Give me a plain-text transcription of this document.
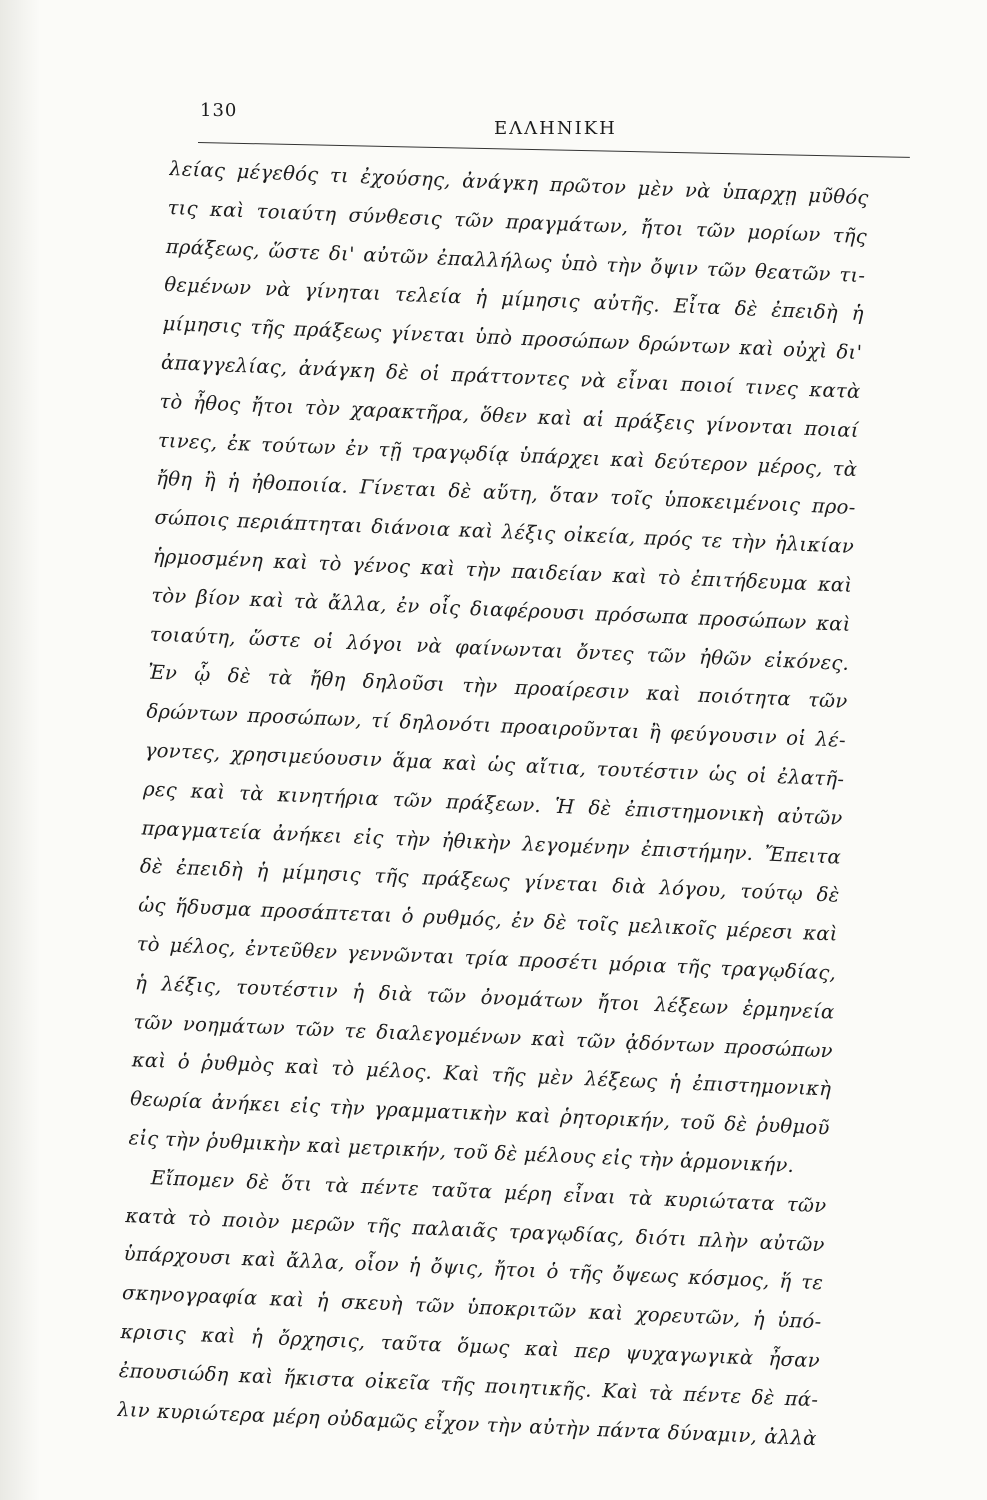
130
ΕΛΛΗΝΙΚΗ
λείας μέγεθός τι ἐχούσης, ἀνάγκη πρῶτον μὲν νὰ ὑπαρχῃ μῦθός
τις καὶ τοιαύτη σύνθεσις τῶν πραγμάτων, ἤτοι τῶν μορίων τῆς
πράξεως, ὥστε δι' αὐτῶν ἐπαλλήλως ὑπὸ τὴν ὄψιν τῶν θεατῶν τι-
θεμένων νὰ γίνηται τελεία ἡ μίμησις αὐτῆς. Εἶτα δὲ ἐπειδὴ ἡ
μίμησις τῆς πράξεως γίνεται ὑπὸ προσώπων δρώντων καὶ οὐχὶ δι'
ἀπαγγελίας, ἀνάγκη δὲ οἱ πράττοντες νὰ εἶναι ποιοί τινες κατὰ
τὸ ἦθος ἤτοι τὸν χαρακτῆρα, ὅθεν καὶ αἱ πράξεις γίνονται ποιαί
τινες, ἐκ τούτων ἐν τῇ τραγῳδίᾳ ὑπάρχει καὶ δεύτερον μέρος, τὰ
ἤθη ἢ ἡ ἠθοποιία. Γίνεται δὲ αὕτη, ὅταν τοῖς ὑποκειμένοις προ-
σώποις περιάπτηται διάνοια καὶ λέξις οἰκεία, πρός τε τὴν ἡλικίαν
ἡρμοσμένη καὶ τὸ γένος καὶ τὴν παιδείαν καὶ τὸ ἐπιτήδευμα καὶ
τὸν βίον καὶ τὰ ἄλλα, ἐν οἷς διαφέρουσι πρόσωπα προσώπων καὶ
τοιαύτη, ὥστε οἱ λόγοι νὰ φαίνωνται ὄντες τῶν ἠθῶν εἰκόνες.
Ἐν ᾧ δὲ τὰ ἤθη δηλοῦσι τὴν προαίρεσιν καὶ ποιότητα τῶν
δρώντων προσώπων, τί δηλονότι προαιροῦνται ἢ φεύγουσιν οἱ λέ-
γοντες, χρησιμεύουσιν ἅμα καὶ ὡς αἴτια, τουτέστιν ὡς οἱ ἐλατῆ-
ρες καὶ τὰ κινητήρια τῶν πράξεων. Ἡ δὲ ἐπιστημονικὴ αὐτῶν
πραγματεία ἀνήκει εἰς τὴν ἠθικὴν λεγομένην ἐπιστήμην. Ἔπειτα
δὲ ἐπειδὴ ἡ μίμησις τῆς πράξεως γίνεται διὰ λόγου, τούτῳ δὲ
ὡς ἥδυσμα προσάπτεται ὁ ρυθμός, ἐν δὲ τοῖς μελικοῖς μέρεσι καὶ
τὸ μέλος, ἐντεῦθεν γεννῶνται τρία προσέτι μόρια τῆς τραγῳδίας,
ἡ λέξις, τουτέστιν ἡ διὰ τῶν ὀνομάτων ἤτοι λέξεων ἑρμηνεία
τῶν νοημάτων τῶν τε διαλεγομένων καὶ τῶν ᾀδόντων προσώπων
καὶ ὁ ῥυθμὸς καὶ τὸ μέλος. Καὶ τῆς μὲν λέξεως ἡ ἐπιστημονικὴ
θεωρία ἀνήκει εἰς τὴν γραμματικὴν καὶ ῥητορικήν, τοῦ δὲ ῥυθμοῦ
εἰς τὴν ῥυθμικὴν καὶ μετρικήν, τοῦ δὲ μέλους εἰς τὴν ἁρμονικήν.
Εἴπομεν δὲ ὅτι τὰ πέντε ταῦτα μέρη εἶναι τὰ κυριώτατα τῶν
κατὰ τὸ ποιὸν μερῶν τῆς παλαιᾶς τραγῳδίας, διότι πλὴν αὐτῶν
ὑπάρχουσι καὶ ἄλλα, οἷον ἡ ὄψις, ἤτοι ὁ τῆς ὄψεως κόσμος, ἥ τε
σκηνογραφία καὶ ἡ σκευὴ τῶν ὑποκριτῶν καὶ χορευτῶν, ἡ ὑπό-
κρισις καὶ ἡ ὄρχησις, ταῦτα ὅμως καὶ περ ψυχαγωγικὰ ἦσαν
ἐπουσιώδη καὶ ἥκιστα οἰκεῖα τῆς ποιητικῆς. Καὶ τὰ πέντε δὲ πά-
λιν κυριώτερα μέρη οὐδαμῶς εἶχον τὴν αὐτὴν πάντα δύναμιν, ἀλλὰ
